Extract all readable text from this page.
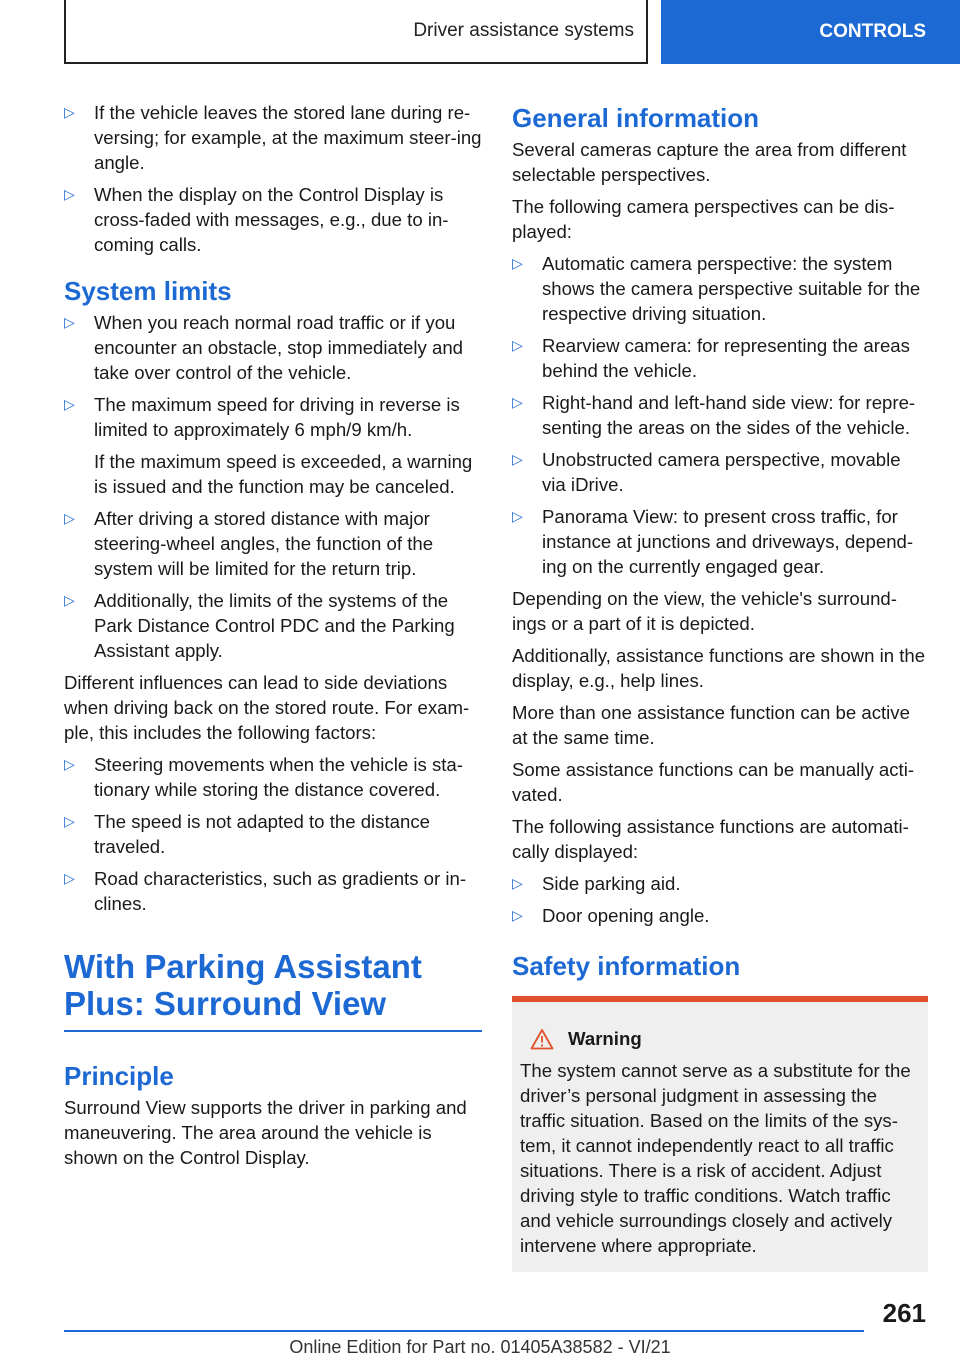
Driver assistance systems	CONTROLS
▷	If the vehicle leaves the stored lane during re‐versing; for example, at the maximum steer‐ing angle.
▷	When the display on the Control Display is cross-faded with messages, e.g., due to in‐coming calls.
System limits
▷	When you reach normal road traffic or if you encounter an obstacle, stop immediately and take over control of the vehicle.
▷	The maximum speed for driving in reverse is limited to approximately 6 mph/9 km/h.
If the maximum speed is exceeded, a warning is issued and the function may be canceled.
▷	After driving a stored distance with major steering-wheel angles, the function of the system will be limited for the return trip.
▷	Additionally, the limits of the systems of the Park Distance Control PDC and the Parking Assistant apply.

Different influences can lead to side deviations when driving back on the stored route. For exam‐ple, this includes the following factors:

▷	Steering movements when the vehicle is sta‐tionary while storing the distance covered.
▷	The speed is not adapted to the distance traveled.
▷	Road characteristics, such as gradients or in‐clines.
With Parking Assistant
Plus: Surround View
Principle

Surround View supports the driver in parking and maneuvering. The area around the vehicle is shown on the Control Display.

General information

Several cameras capture the area from different selectable perspectives.

The following camera perspectives can be dis‐played:

▷	Automatic camera perspective: the system shows the camera perspective suitable for the respective driving situation.
▷	Rearview camera: for representing the areas behind the vehicle.
▷	Right-hand and left-hand side view: for repre‐senting the areas on the sides of the vehicle.
▷	Unobstructed camera perspective, movable via iDrive.
▷	Panorama View: to present cross traffic, for instance at junctions and driveways, depend‐ing on the currently engaged gear.

Depending on the view, the vehicle's surround‐ings or a part of it is depicted.

Additionally, assistance functions are shown in the display, e.g., help lines.

More than one assistance function can be active at the same time.

Some assistance functions can be manually acti‐vated.

The following assistance functions are automati‐cally displayed:

▷	Side parking aid.
▷	Door opening angle.
Safety information
Warning
The system cannot serve as a substitute for the driver’s personal judgment in assessing the traffic situation. Based on the limits of the sys‐tem, it cannot independently react to all traffic situations. There is a risk of accident. Adjust driving style to traffic conditions. Watch traffic and vehicle surroundings closely and actively intervene where appropriate.
261
Online Edition for Part no. 01405A38582 - VI/21
